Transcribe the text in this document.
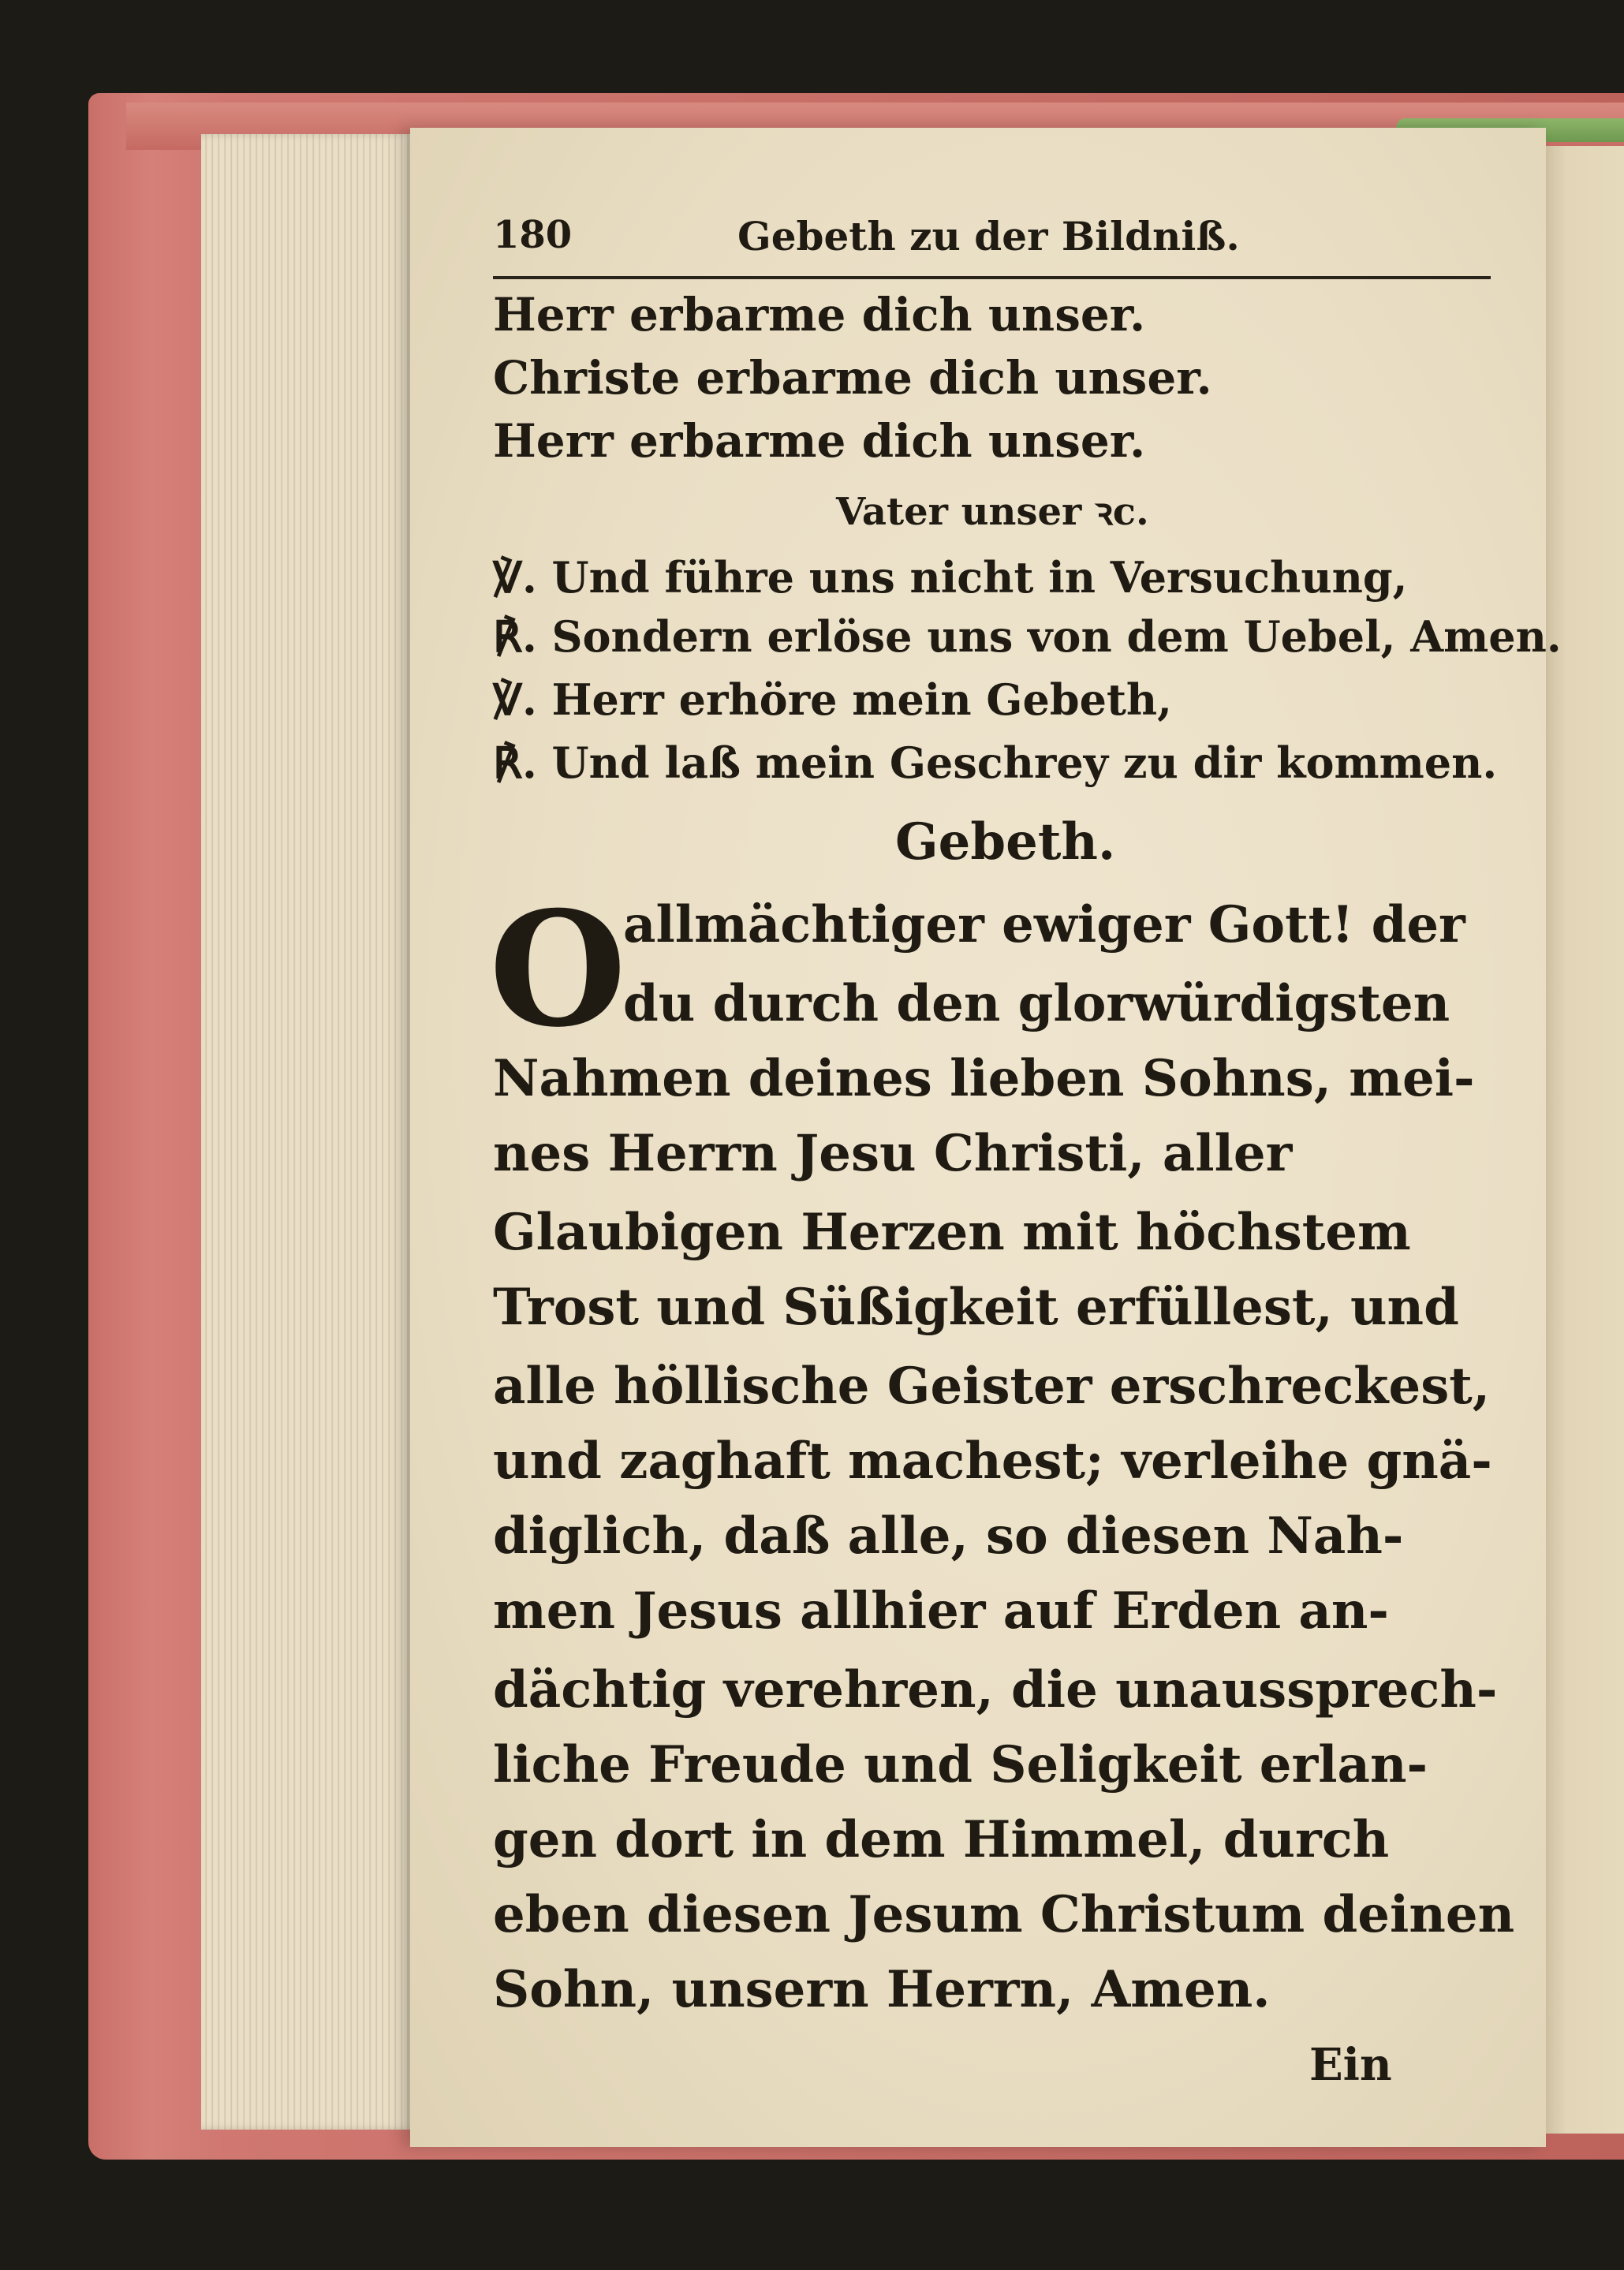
180	Gebeth zu der Bildniß.
Herr erbarme dich unser.
Christe erbarme dich unser.
Herr erbarme dich unser.
Vater unser ꝛc.
℣. Und führe uns nicht in Versuchung,
℟. Sondern erlöse uns von dem Uebel, Amen.
℣. Herr erhöre mein Gebeth,
℟. Und laß mein Geschrey zu dir kommen.
Gebeth.
O
allmächtiger ewiger Gott! der
du durch den glorwürdigsten
Nahmen deines lieben Sohns, mei-
nes Herrn Jesu Christi, aller
Glaubigen Herzen mit höchstem
Trost und Süßigkeit erfüllest, und
alle höllische Geister erschreckest,
und zaghaft machest; verleihe gnä-
diglich, daß alle, so diesen Nah-
men Jesus allhier auf Erden an-
dächtig verehren, die unaussprech-
liche Freude und Seligkeit erlan-
gen dort in dem Himmel, durch
eben diesen Jesum Christum deinen
Sohn, unsern Herrn, Amen.
Ein
